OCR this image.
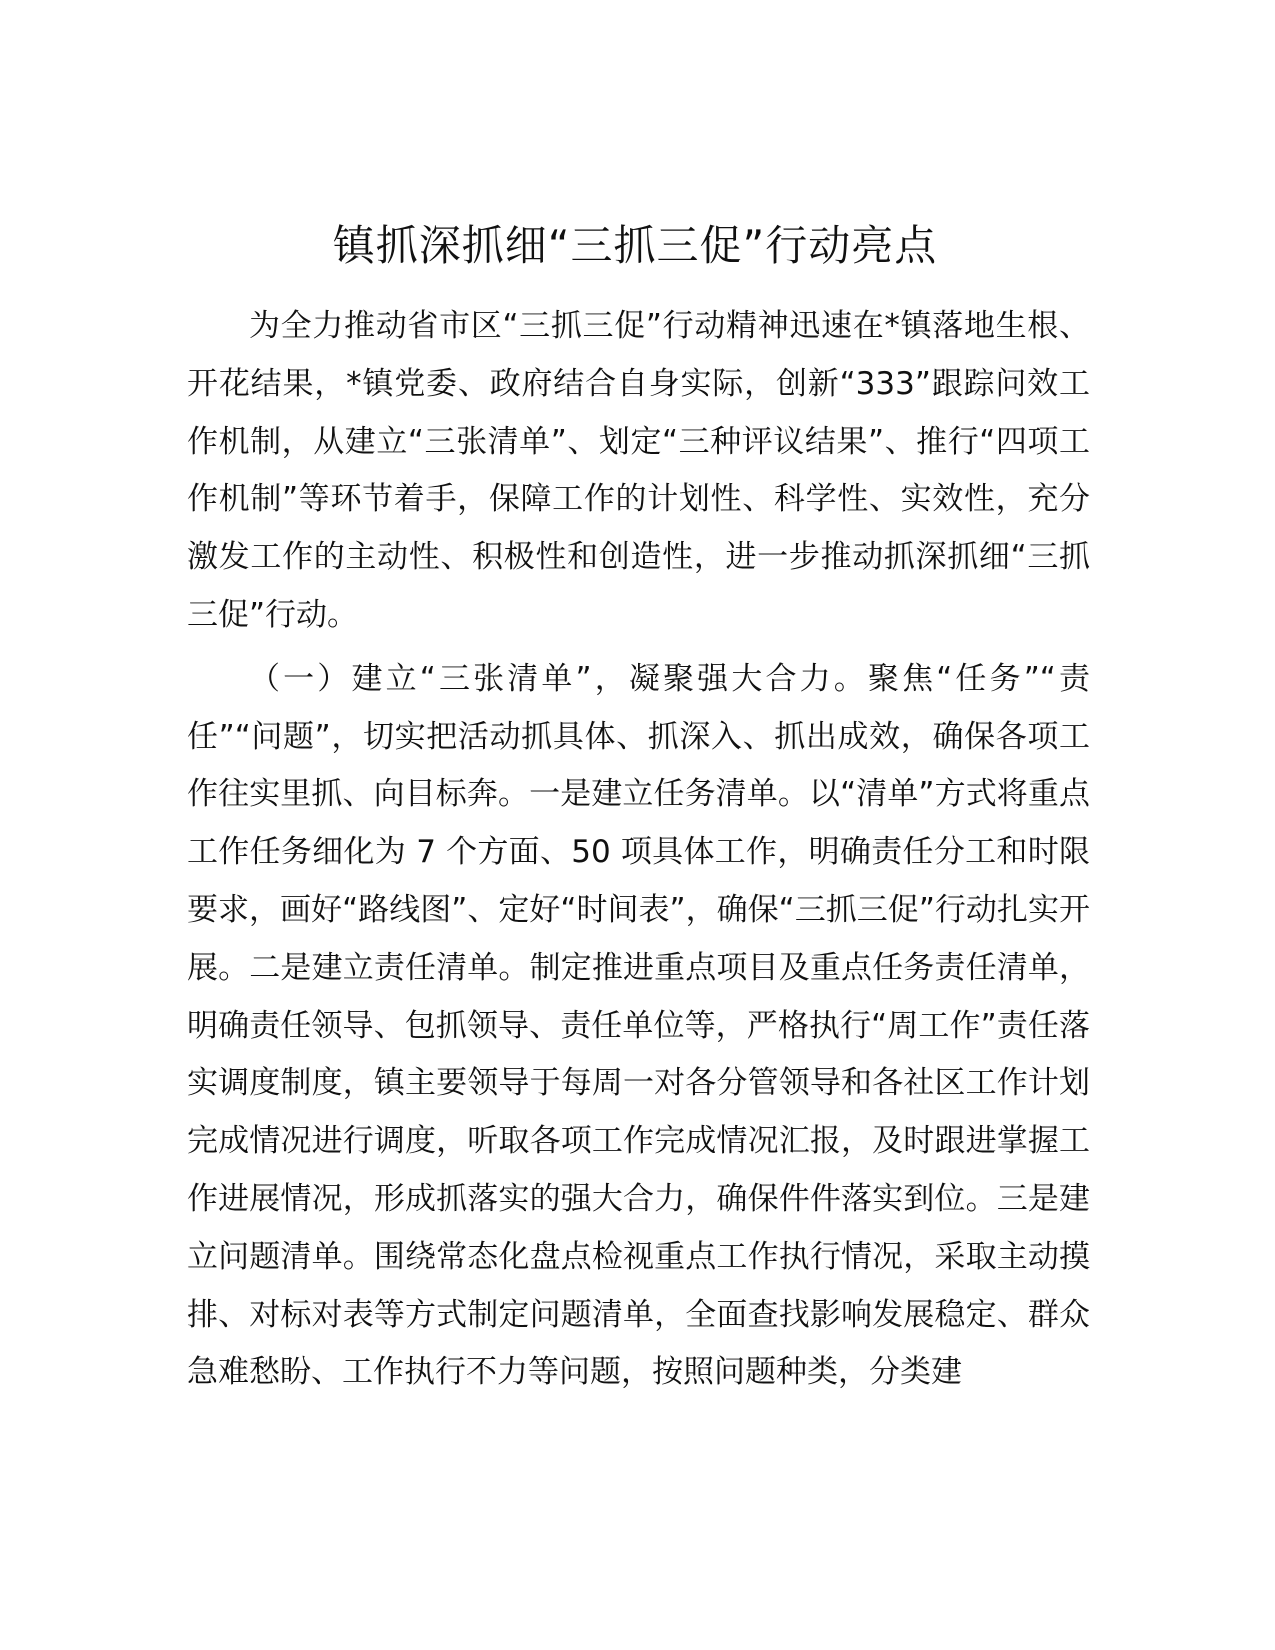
镇抓深抓细“三抓三促”行动亮点

为全力推动省市区“三抓三促”行动精神迅速在*镇落地生根、开花结果，*镇党委、政府结合自身实际，创新“333”跟踪问效工作机制，从建立“三张清单”、划定“三种评议结果”、推行“四项工作机制”等环节着手，保障工作的计划性、科学性、实效性，充分激发工作的主动性、积极性和创造性，进一步推动抓深抓细“三抓三促”行动。

（一）建立“三张清单”，凝聚强大合力。聚焦“任务”“责任”“问题”，切实把活动抓具体、抓深入、抓出成效，确保各项工作往实里抓、向目标奔。一是建立任务清单。以“清单”方式将重点工作任务细化为 7 个方面、50 项具体工作，明确责任分工和时限要求，画好“路线图”、定好“时间表”，确保“三抓三促”行动扎实开展。二是建立责任清单。制定推进重点项目及重点任务责任清单，明确责任领导、包抓领导、责任单位等，严格执行“周工作”责任落实调度制度，镇主要领导于每周一对各分管领导和各社区工作计划完成情况进行调度，听取各项工作完成情况汇报，及时跟进掌握工作进展情况，形成抓落实的强大合力，确保件件落实到位。三是建立问题清单。围绕常态化盘点检视重点工作执行情况，采取主动摸排、对标对表等方式制定问题清单，全面查找影响发展稳定、群众急难愁盼、工作执行不力等问题，按照问题种类，分类建
